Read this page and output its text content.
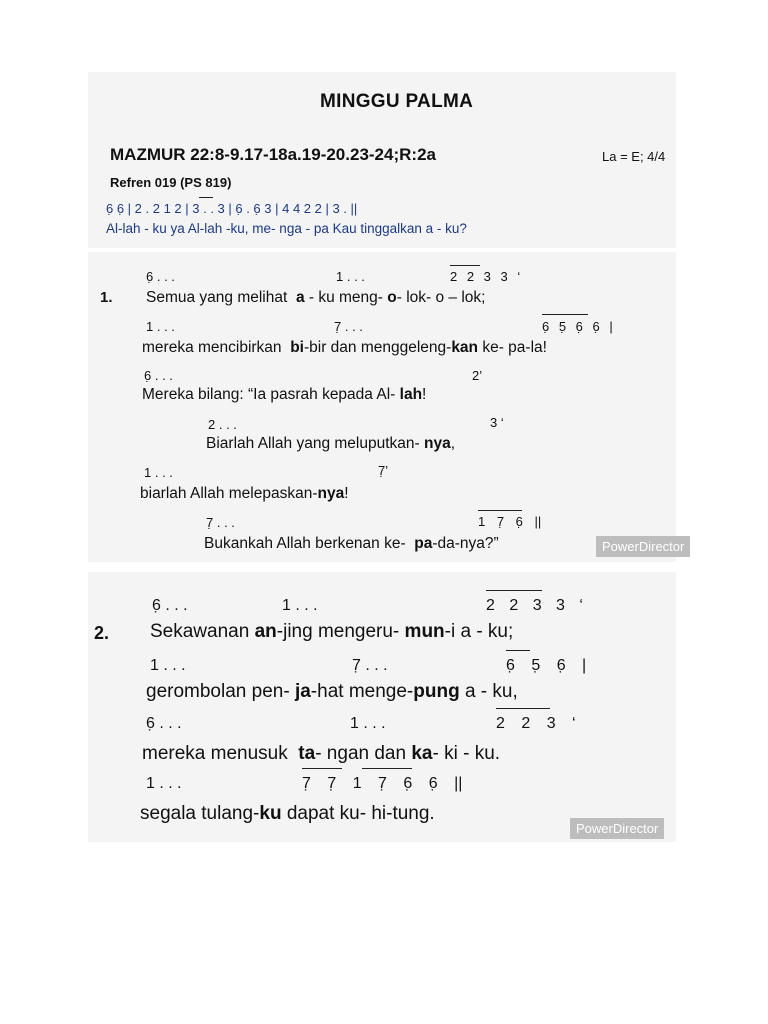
MINGGU PALMA
MAZMUR 22:8-9.17-18a.19-20.23-24;R:2a	La = E; 4/4
Refren 019 (PS 819)
6̣ 6̣ | 2 . 2 1 2 | 3 . . 3 | 6̣ . 6̣ 3 | 4 4 2 2 | 3 . ||
Al-lah - ku ya Al-lah -ku, me- nga - pa Kau tinggalkan a - ku?
1.
6̣ . . .	1 . . .	2 2 3 3 ‘
Semua yang melihat a - ku meng- o- lok- o – lok;
1 . . .	7̣ . . .	6̣ 5̣ 6̣ 6̣ |
mereka mencibirkan bi-bir dan menggeleng-kan ke- pa-la!
6̣ . . .	2’
Mereka bilang: “Ia pasrah kepada Al- lah!
2 . . .	3 ‘
Biarlah Allah yang meluputkan- nya,
1 . . .	7̣’
biarlah Allah melepaskan-nya!
7̣ . . .	1 7̣ 6̣ ||
Bukankah Allah berkenan ke- pa-da-nya?”	PowerDirector
2.
6̣ . . .	1 . . .	2 2 3 3 ‘
Sekawanan an-jing mengeru- mun-i a - ku;
1 . . .	7̣ . . .	6̣ 5̣ 6̣ |
gerombolan pen- ja-hat menge-pung a - ku,
6̣ . . .	1 . . .	2 2 3 ‘
mereka menusuk ta- ngan dan ka- ki - ku.
1 . . .	7̣ 7̣ 1 7̣ 6̣ 6̣ ||
segala tulang-ku dapat ku- hi-tung.
PowerDirector
